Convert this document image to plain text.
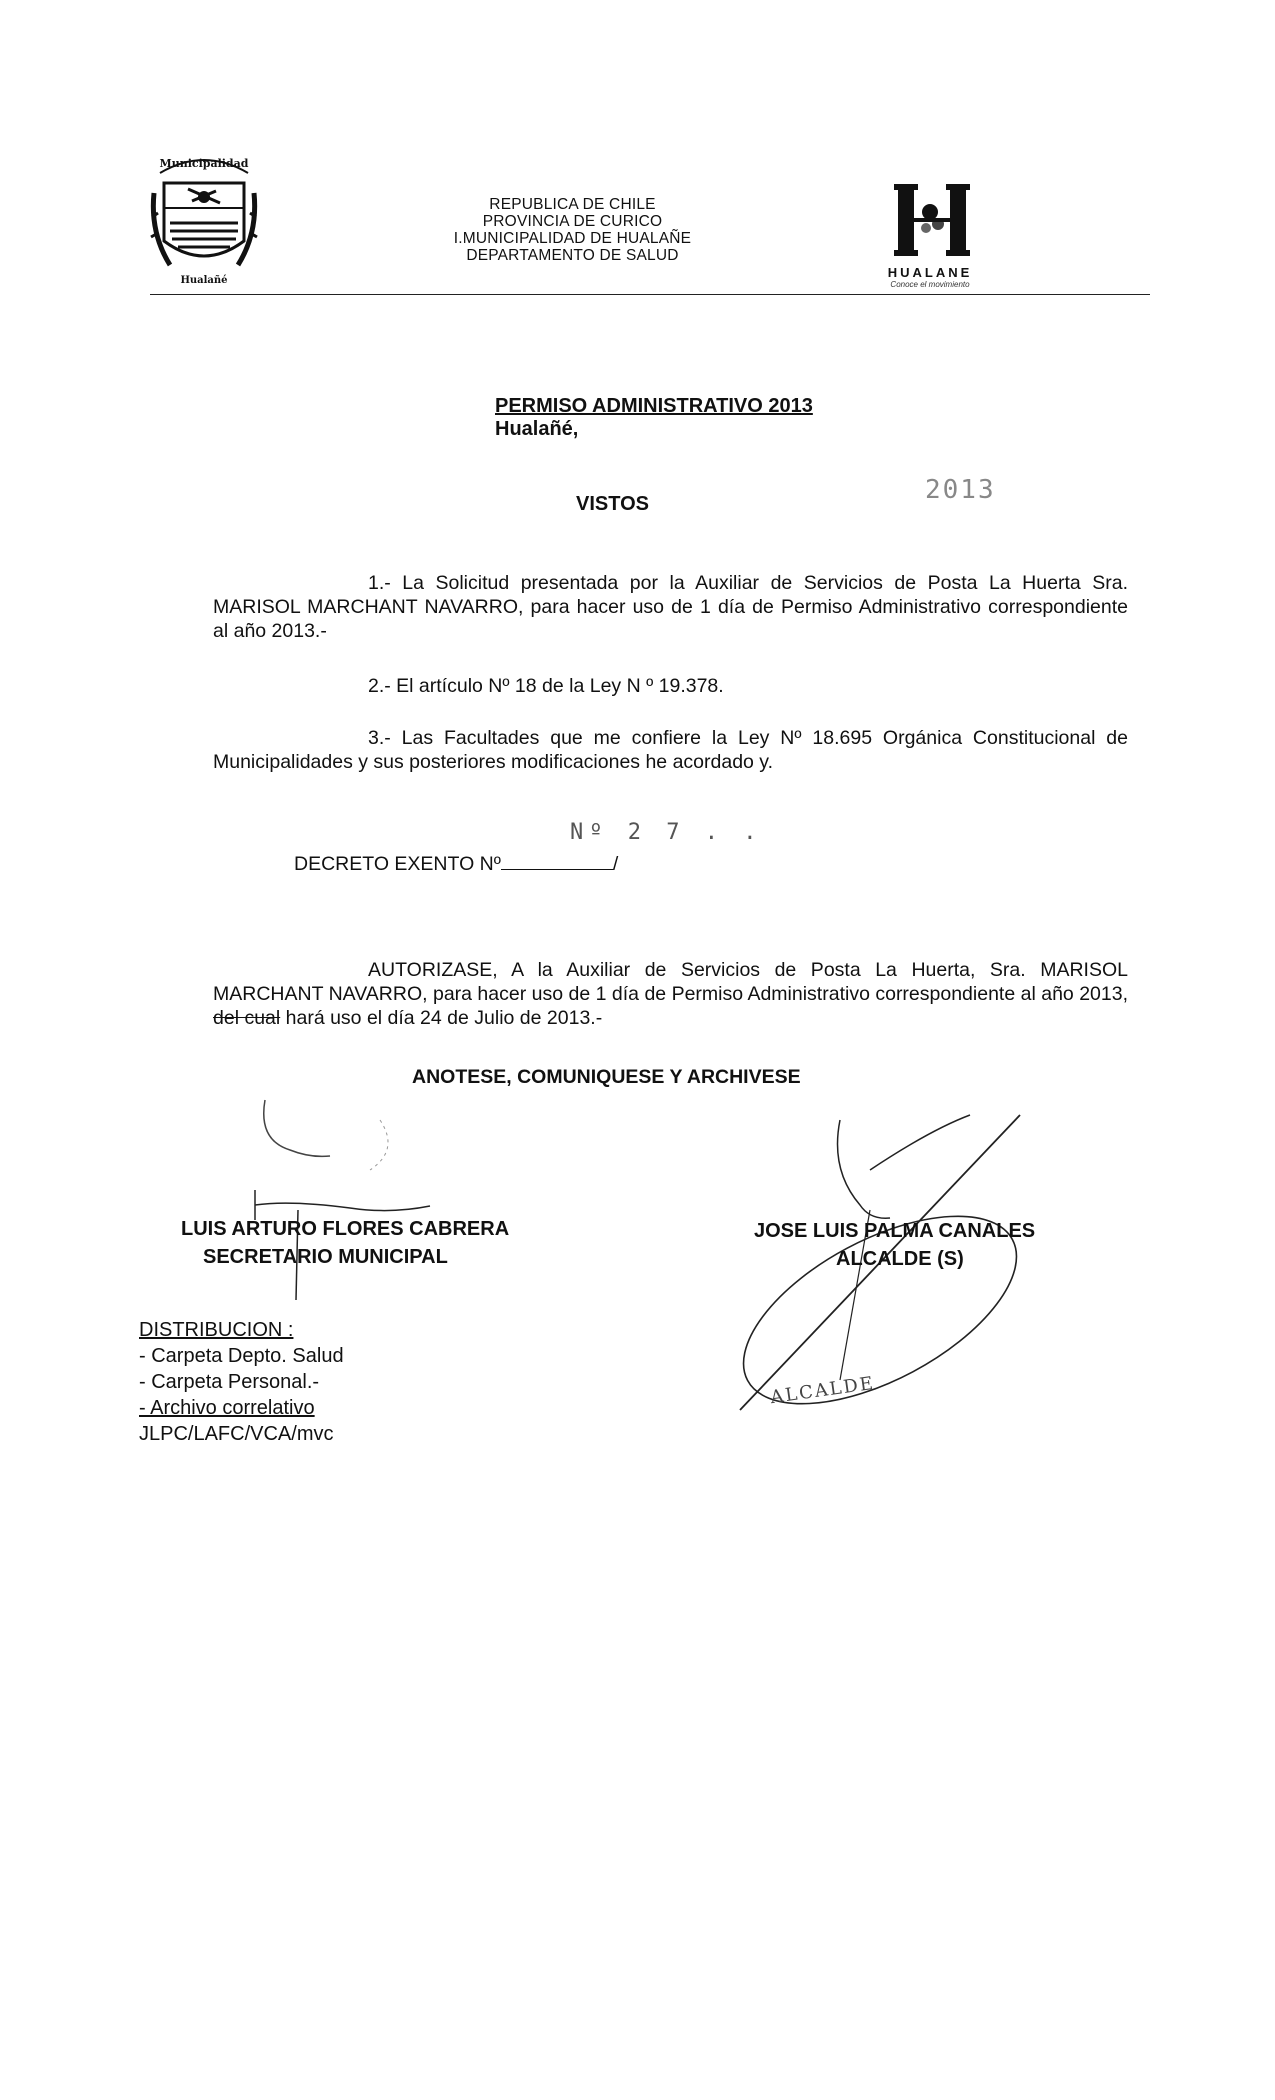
Municipalidad
Hualañé
REPUBLICA DE CHILE
PROVINCIA DE CURICO
I.MUNICIPALIDAD DE HUALAÑE
DEPARTAMENTO DE SALUD
HUALANE
Conoce el movimiento
PERMISO ADMINISTRATIVO 2013
Hualañé,
2013
VISTOS
1.- La Solicitud presentada por la Auxiliar de Servicios de Posta La Huerta Sra. MARISOL MARCHANT NAVARRO, para hacer uso de 1 día de Permiso Administrativo correspondiente al año 2013.-
2.- El artículo Nº 18 de la Ley N º 19.378.
3.- Las Facultades que me confiere la Ley Nº 18.695 Orgánica Constitucional de Municipalidades y sus posteriores modificaciones he acordado y.
Nº 2 7 . .
DECRETO EXENTO Nº	/
AUTORIZASE, A la Auxiliar de Servicios de Posta La Huerta, Sra. MARISOL MARCHANT NAVARRO, para hacer uso de 1 día de Permiso Administrativo correspondiente al año 2013, del cual hará uso el día 24 de Julio de 2013.-
ANOTESE, COMUNIQUESE Y ARCHIVESE
ALCALDE
LUIS ARTURO FLORES CABRERA
SECRETARIO MUNICIPAL
JOSE LUIS PALMA CANALES
ALCALDE (S)
DISTRIBUCION :
- Carpeta Depto. Salud
- Carpeta Personal.-
- Archivo correlativo
JLPC/LAFC/VCA/mvc
